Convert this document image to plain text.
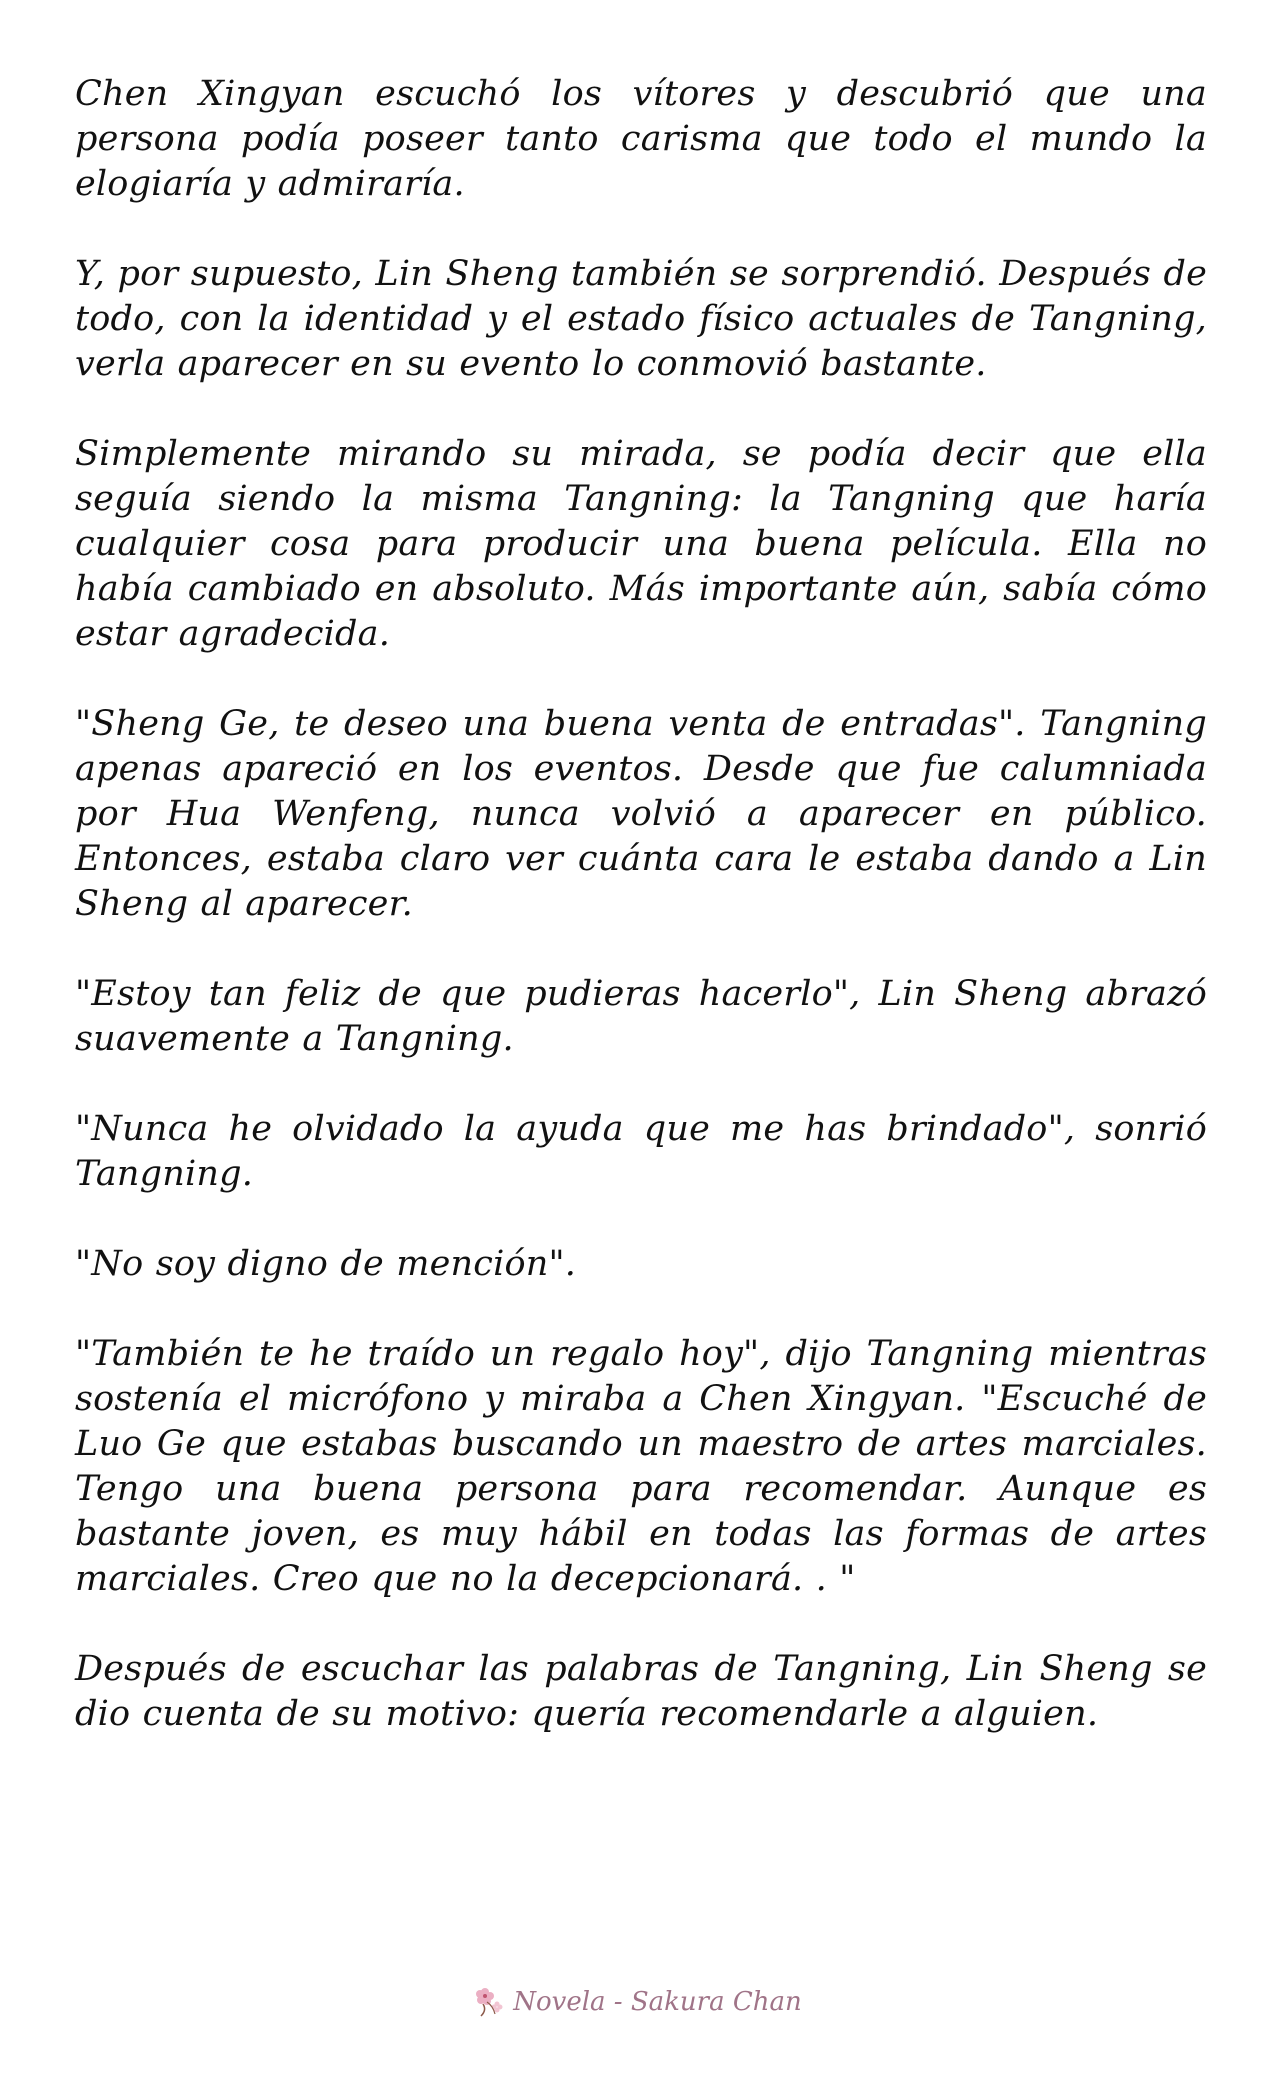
Chen Xingyan escuchó los vítores y descubrió que una persona podía poseer tanto carisma que todo el mundo la elogiaría y admiraría.

Y, por supuesto, Lin Sheng también se sorprendió. Después de todo, con la identidad y el estado físico actuales de Tangning, verla aparecer en su evento lo conmovió bastante.

Simplemente mirando su mirada, se podía decir que ella seguía siendo la misma Tangning: la Tangning que haría cualquier cosa para producir una buena película. Ella no había cambiado en absoluto. Más importante aún, sabía cómo estar agradecida.

"Sheng Ge, te deseo una buena venta de entradas". Tangning apenas apareció en los eventos. Desde que fue calumniada por Hua Wenfeng, nunca volvió a aparecer en público. Entonces, estaba claro ver cuánta cara le estaba dando a Lin Sheng al aparecer.

"Estoy tan feliz de que pudieras hacerlo", Lin Sheng abrazó suavemente a Tangning.

"Nunca he olvidado la ayuda que me has brindado", sonrió Tangning.

"No soy digno de mención".

"También te he traído un regalo hoy", dijo Tangning mientras sostenía el micrófono y miraba a Chen Xingyan. "Escuché de Luo Ge que estabas buscando un maestro de artes marciales. Tengo una buena persona para recomendar. Aunque es bastante joven, es muy hábil en todas las formas de artes marciales. Creo que no la decepcionará. . "

Después de escuchar las palabras de Tangning, Lin Sheng se dio cuenta de su motivo: quería recomendarle a alguien.

Novela - Sakura Chan
